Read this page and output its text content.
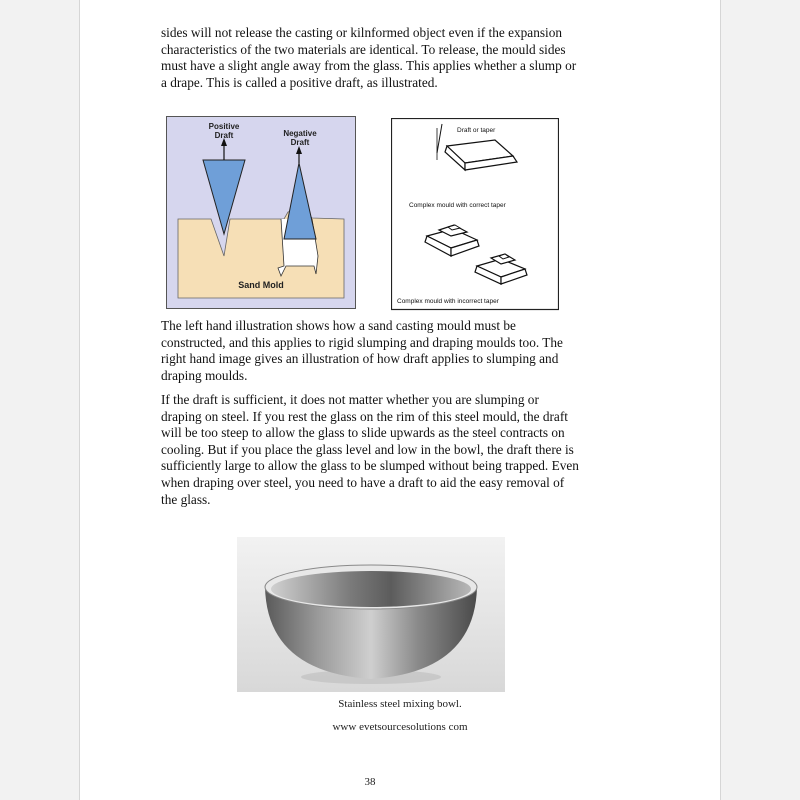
sides will not release the casting or kilnformed object even if the expansion characteristics of the two materials are identical. To release, the mould sides must have a slight angle away from the glass. This applies whether a slump or a drape. This is called a positive draft, as illustrated.

Positive
Draft	Negative
Draft
Sand Mold
Draft or taper
Complex mould with correct taper
Complex mould with incorrect taper

The left hand illustration shows how a sand casting mould must be constructed, and this applies to rigid slumping and draping moulds too. The right hand image gives an illustration of how draft applies to slumping and draping moulds.

If the draft is sufficient, it does not matter whether you are slumping or draping on steel. If you rest the glass on the rim of this steel mould, the draft will be too steep to allow the glass to slide upwards as the steel contracts on cooling. But if you place the glass level and low in the bowl, the draft there is sufficiently large to allow the glass to be slumped without being trapped. Even when draping over steel, you need to have a draft to aid the easy removal of the glass.

Stainless steel mixing bowl.
www evetsourcesolutions com
38
